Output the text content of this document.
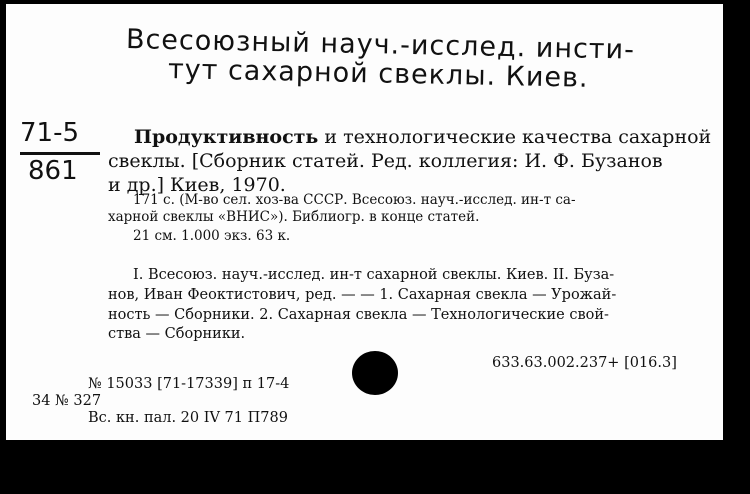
Всесоюзный науч.-исслед. инсти-
тут сахарной свеклы. Киев.
71-5
861
Продуктивность и технологические качества сахарной
свеклы. [Сборник статей. Ред. коллегия: И. Ф. Бузанов
и др.] Киев, 1970.
171 с. (М-во сел. хоз-ва СССР. Всесоюз. науч.-исслед. ин-т са-
харной свеклы «ВНИС»). Библиогр. в конце статей.
21 см. 1.000 экз. 63 к.
I. Всесоюз. науч.-исслед. ин-т сахарной свеклы. Киев. II. Буза-
нов, Иван Феоктистович, ред. — — 1. Сахарная свекла — Урожай-
ность — Сборники. 2. Сахарная свекла — Технологические свой-
ства — Сборники.
633.63.002.237+ [016.3]
№ 15033 [71-17339] п 17-4
34 № 327
Вс. кн. пал. 20 IV 71 П789
